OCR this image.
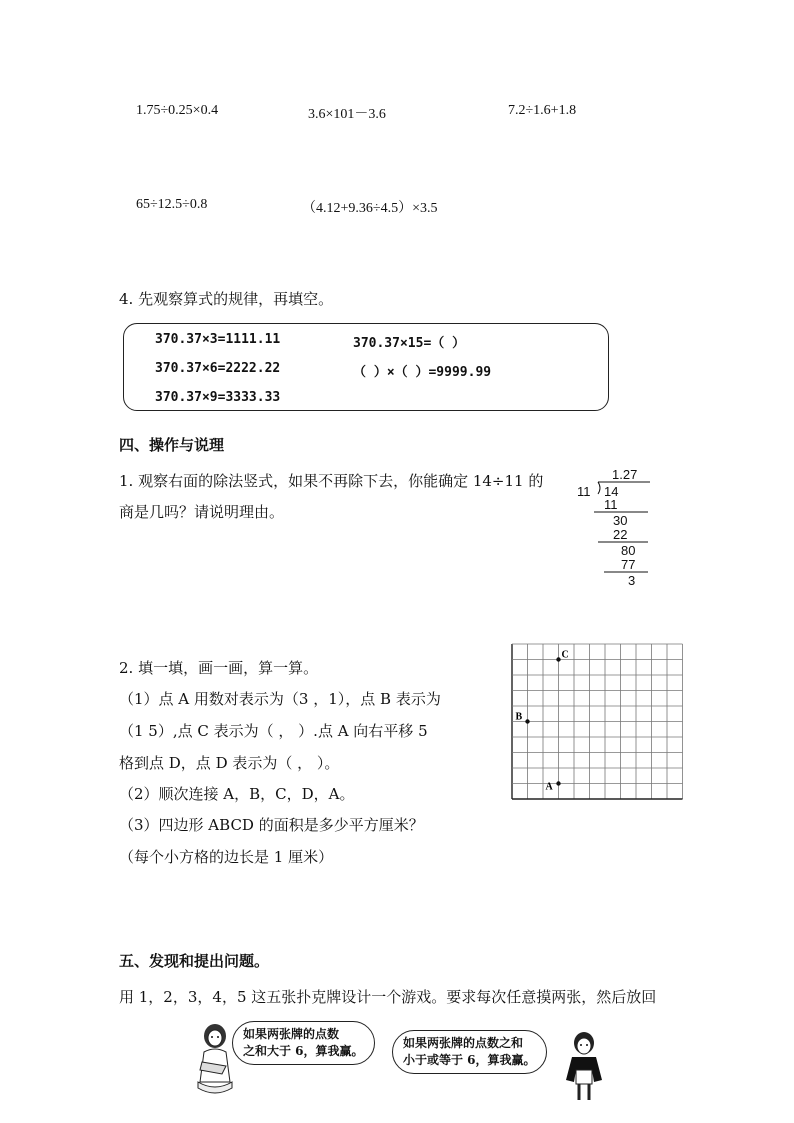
1.75÷0.25×0.4	3.6×101－3.6	7.2÷1.6+1.8
65÷12.5÷0.8	（4.12+9.36÷4.5）×3.5
4. 先观察算式的规律，再填空。
370.37×3=1111.11
370.37×6=2222.22
370.37×9=3333.33
370.37×15=（ ）
（ ）×（ ）=9999.99
四、操作与说理
1. 观察右面的除法竖式，如果不再除下去，你能确定 14÷11 的
商是几吗？请说明理由。
1.27
11 14
11
30
22
80
77
3
2. 填一填，画一画，算一算。
（1）点 A 用数对表示为（3 ，1），点 B 表示为
（1 5）,点 C 表示为（ ， ）.点 A 向右平移 5
格到点 D，点 D 表示为（ ， ）。
（2）顺次连接 A，B，C，D，A。
（3）四边形 ABCD 的面积是多少平方厘米？
（每个小方格的边长是 1 厘米）
A
B
C
五、发现和提出问题。
用 1，2，3，4，5 这五张扑克牌设计一个游戏。要求每次任意摸两张，然后放回
如果两张牌的点数
之和大于 6，算我赢。
如果两张牌的点数之和
小于或等于 6，算我赢。
